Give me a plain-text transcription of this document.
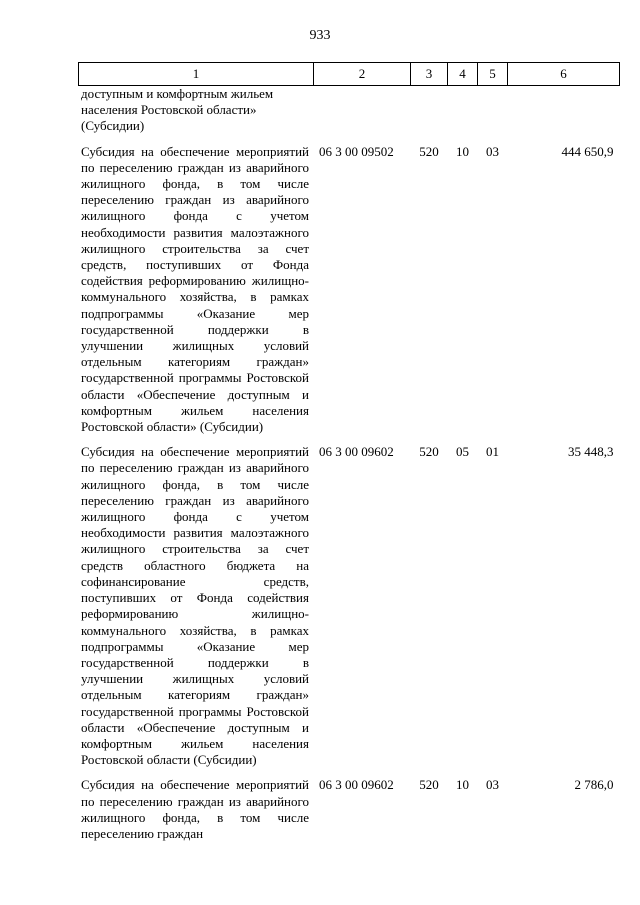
933
1	2	3	4	5	6
доступным и комфортным жильем
населения Ростовской области»
(Субсидии)					
Субсидия на обеспечение мероприятий по переселению граждан из аварийного жилищного фонда, в том числе переселению граждан из аварийного жилищного фонда с учетом необходимости развития малоэтажного жилищного строительства за счет средств, поступивших от Фонда содействия реформированию жилищно-коммунального хозяйства, в рамках подпрограммы «Оказание мер государственной поддержки в улучшении жилищных условий отдельным категориям граждан» государственной программы Ростовской области «Обеспечение доступным и комфортным жильем населения Ростовской области» (Субсидии)	06 3 00 09502	520	10	03	444 650,9
Субсидия на обеспечение мероприятий по переселению граждан из аварийного жилищного фонда, в том числе переселению граждан из аварийного жилищного фонда с учетом необходимости развития малоэтажного жилищного строительства за счет средств областного бюджета на софинансирование средств, поступивших от Фонда содействия реформированию жилищно-коммунального хозяйства, в рамках подпрограммы «Оказание мер государственной поддержки в улучшении жилищных условий отдельным категориям граждан» государственной программы Ростовской области «Обеспечение доступным и комфортным жильем населения Ростовской области (Субсидии)	06 3 00 09602	520	05	01	35 448,3
Субсидия на обеспечение мероприятий по переселению граждан из аварийного жилищного фонда, в том числе переселению граждан	06 3 00 09602	520	10	03	2 786,0
